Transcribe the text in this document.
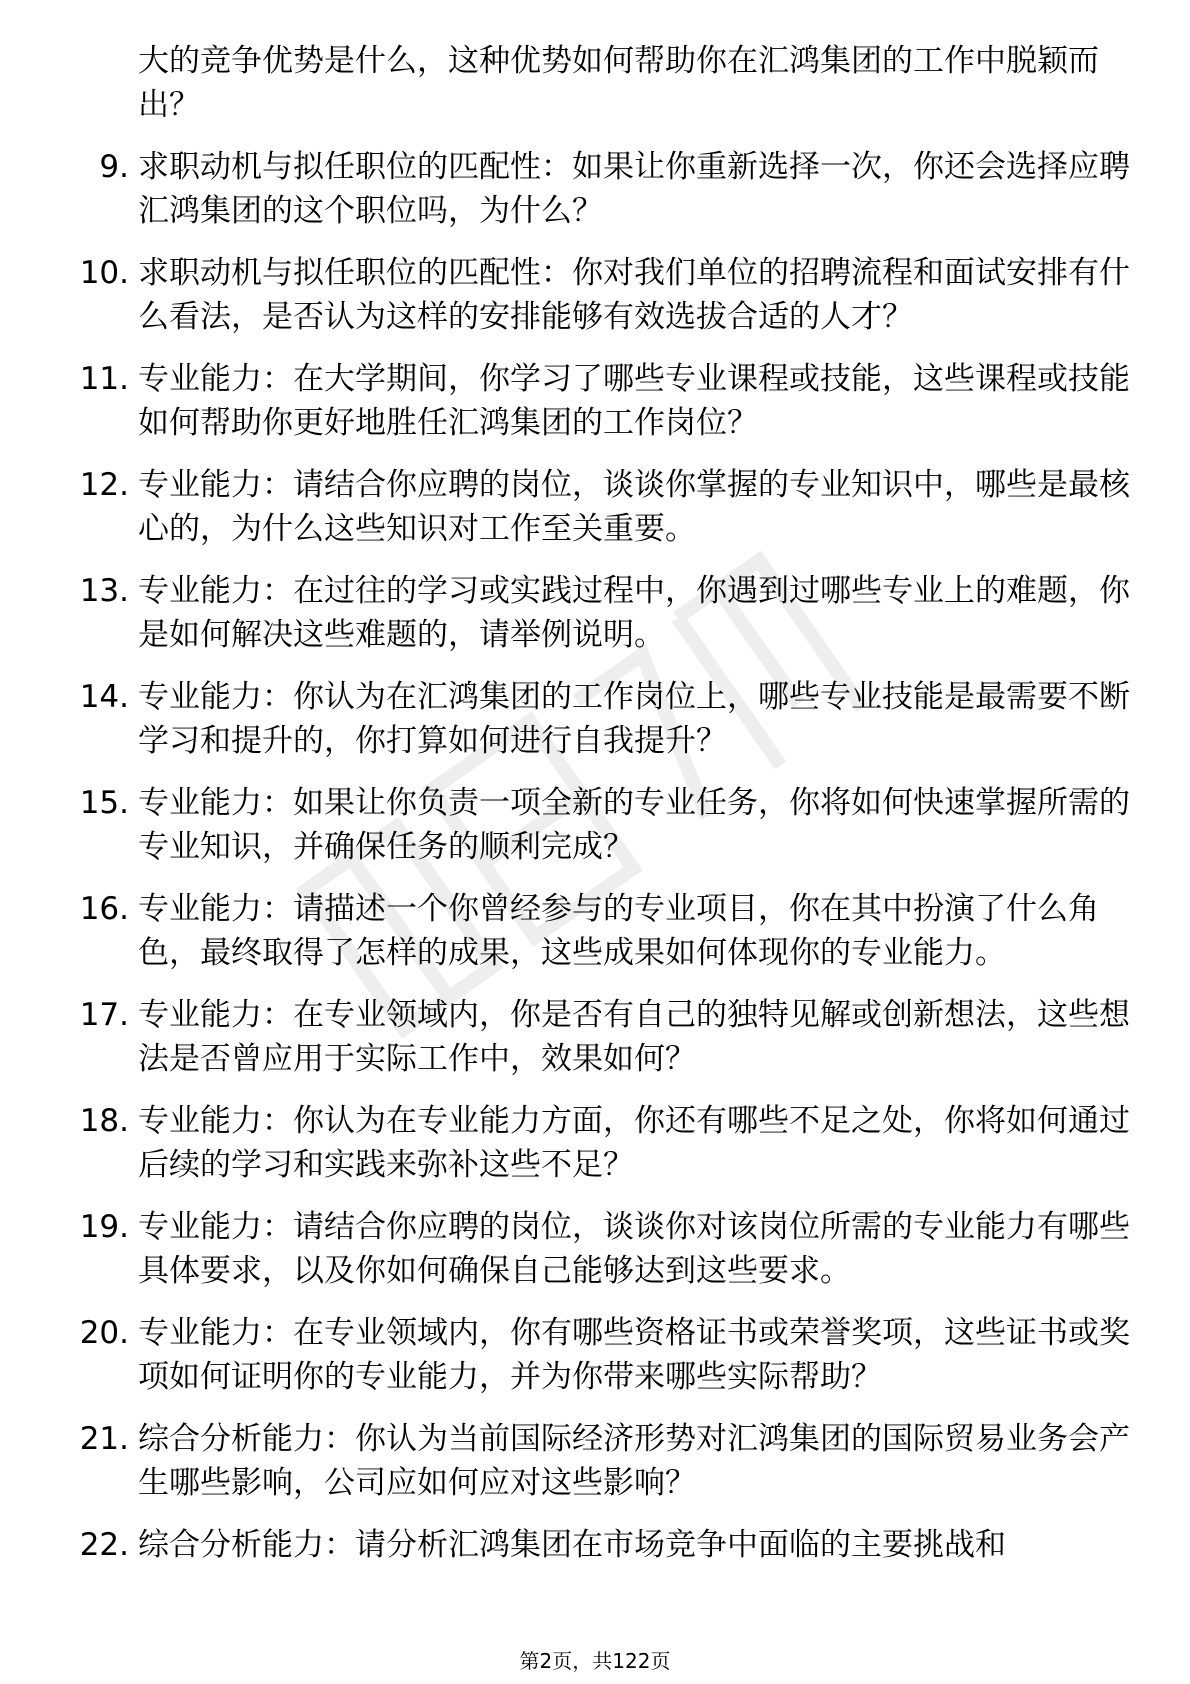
大的竞争优势是什么，这种优势如何帮助你在汇鸿集团的工作中脱颖而出？
9. 求职动机与拟任职位的匹配性：如果让你重新选择一次，你还会选择应聘汇鸿集团的这个职位吗，为什么？
10. 求职动机与拟任职位的匹配性：你对我们单位的招聘流程和面试安排有什么看法，是否认为这样的安排能够有效选拔合适的人才？
11. 专业能力：在大学期间，你学习了哪些专业课程或技能，这些课程或技能如何帮助你更好地胜任汇鸿集团的工作岗位？
12. 专业能力：请结合你应聘的岗位，谈谈你掌握的专业知识中，哪些是最核心的，为什么这些知识对工作至关重要。
13. 专业能力：在过往的学习或实践过程中，你遇到过哪些专业上的难题，你是如何解决这些难题的，请举例说明。
14. 专业能力：你认为在汇鸿集团的工作岗位上，哪些专业技能是最需要不断学习和提升的，你打算如何进行自我提升？
15. 专业能力：如果让你负责一项全新的专业任务，你将如何快速掌握所需的专业知识，并确保任务的顺利完成？
16. 专业能力：请描述一个你曾经参与的专业项目，你在其中扮演了什么角色，最终取得了怎样的成果，这些成果如何体现你的专业能力。
17. 专业能力：在专业领域内，你是否有自己的独特见解或创新想法，这些想法是否曾应用于实际工作中，效果如何？
18. 专业能力：你认为在专业能力方面，你还有哪些不足之处，你将如何通过后续的学习和实践来弥补这些不足？
19. 专业能力：请结合你应聘的岗位，谈谈你对该岗位所需的专业能力有哪些具体要求，以及你如何确保自己能够达到这些要求。
20. 专业能力：在专业领域内，你有哪些资格证书或荣誉奖项，这些证书或奖项如何证明你的专业能力，并为你带来哪些实际帮助？
21. 综合分析能力：你认为当前国际经济形势对汇鸿集团的国际贸易业务会产生哪些影响，公司应如何应对这些影响？
22. 综合分析能力：请分析汇鸿集团在市场竞争中面临的主要挑战和
第2页，共122页
